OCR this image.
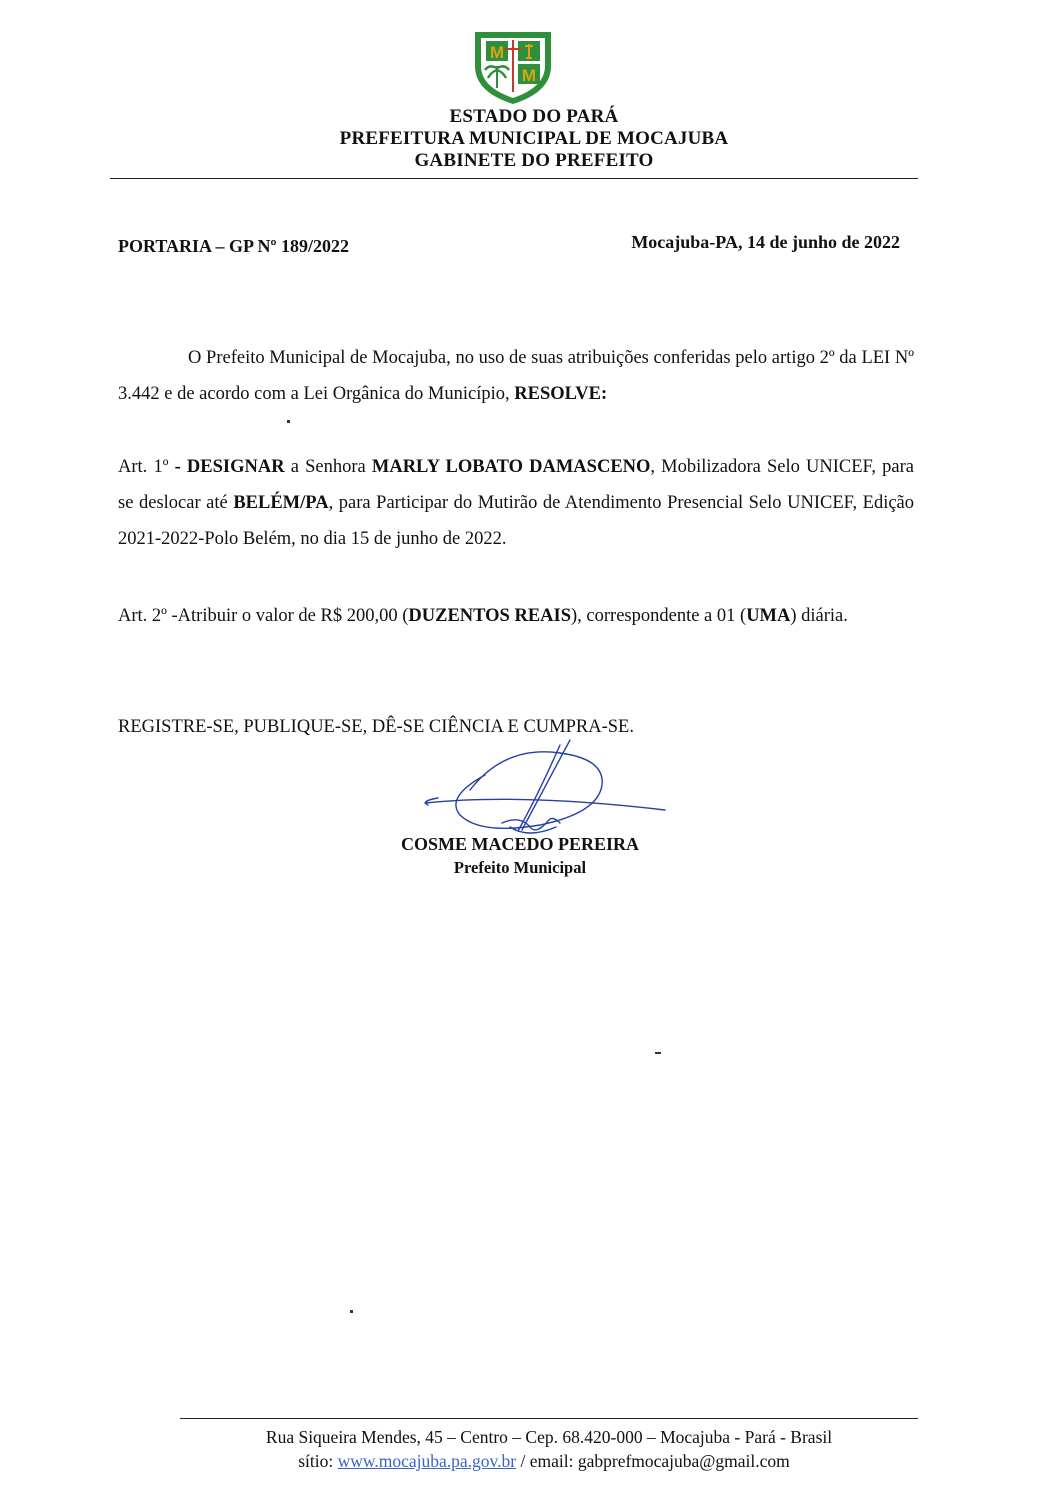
M
M
ESTADO DO PARÁ
PREFEITURA MUNICIPAL DE MOCAJUBA
GABINETE DO PREFEITO
PORTARIA – GP Nº 189/2022	Mocajuba-PA, 14 de junho de 2022
O Prefeito Municipal de Mocajuba, no uso de suas atribuições conferidas pelo artigo 2º da LEI Nº 3.442 e de acordo com a Lei Orgânica do Município, RESOLVE:
Art. 1º - DESIGNAR a Senhora MARLY LOBATO DAMASCENO, Mobilizadora Selo UNICEF, para se deslocar até BELÉM/PA, para Participar do Mutirão de Atendimento Presencial Selo UNICEF, Edição 2021-2022-Polo Belém, no dia 15 de junho de 2022.
Art. 2º -Atribuir o valor de R$ 200,00 (DUZENTOS REAIS), correspondente a 01 (UMA) diária.
REGISTRE-SE, PUBLIQUE-SE, DÊ-SE CIÊNCIA E CUMPRA-SE.
COSME MACEDO PEREIRA
Prefeito Municipal
Rua Siqueira Mendes, 45 – Centro – Cep. 68.420-000 – Mocajuba - Pará - Brasil
sítio: www.mocajuba.pa.gov.br / email: gabprefmocajuba@gmail.com
